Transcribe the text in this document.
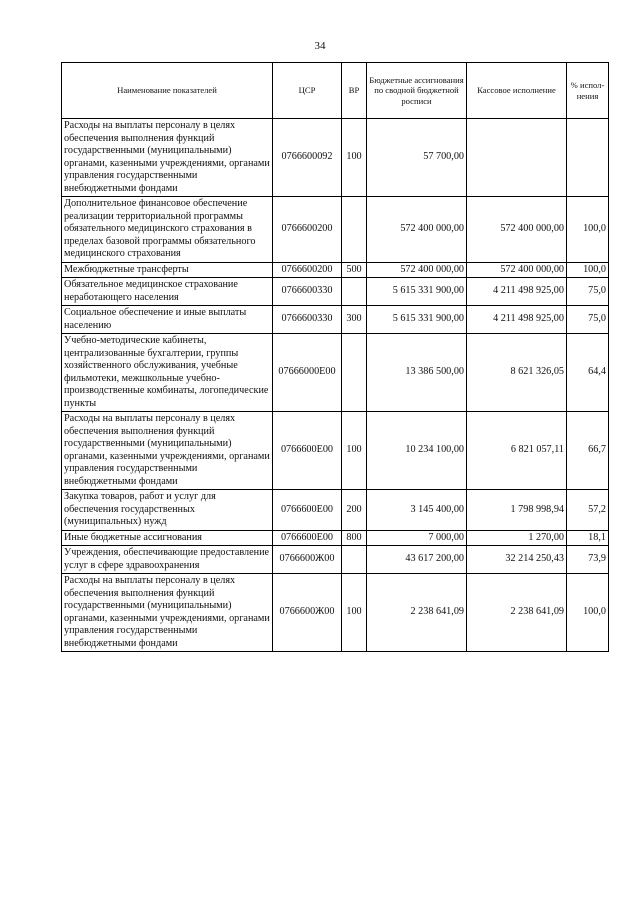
34
Наименование показателей	ЦСР	ВР	Бюджетные ассигнования по сводной бюджетной росписи	Кассовое исполнение	% испол-нения
Расходы на выплаты персоналу в целях обеспечения выполнения функций государственными (муниципальными) органами, казенными учреждениями, органами управления государственными внебюджетными фондами	0766600092	100	57 700,00		
Дополнительное финансовое обеспечение реализации территориальной программы обязательного медицинского страхования в пределах базовой программы обязательного медицинского страхования	0766600200		572 400 000,00	572 400 000,00	100,0
Межбюджетные трансферты	0766600200	500	572 400 000,00	572 400 000,00	100,0
Обязательное медицинское страхование неработающего населения	0766600330		5 615 331 900,00	4 211 498 925,00	75,0
Социальное обеспечение и иные выплаты населению	0766600330	300	5 615 331 900,00	4 211 498 925,00	75,0
Учебно-методические кабинеты, централизованные бухгалтерии, группы хозяйственного обслуживания, учебные фильмотеки, межшкольные учебно-производственные комбинаты, логопедические пункты	07666000Е00		13 386 500,00	8 621 326,05	64,4
Расходы на выплаты персоналу в целях обеспечения выполнения функций государственными (муниципальными) органами, казенными учреждениями, органами управления государственными внебюджетными фондами	0766600Е00	100	10 234 100,00	6 821 057,11	66,7
Закупка товаров, работ и услуг для обеспечения государственных (муниципальных) нужд	0766600Е00	200	3 145 400,00	1 798 998,94	57,2
Иные бюджетные ассигнования	0766600Е00	800	7 000,00	1 270,00	18,1
Учреждения, обеспечивающие предоставление услуг в сфере здравоохранения	0766600Ж00		43 617 200,00	32 214 250,43	73,9
Расходы на выплаты персоналу в целях обеспечения выполнения функций государственными (муниципальными) органами, казенными учреждениями, органами управления государственными внебюджетными фондами	0766600Ж00	100	2 238 641,09	2 238 641,09	100,0
